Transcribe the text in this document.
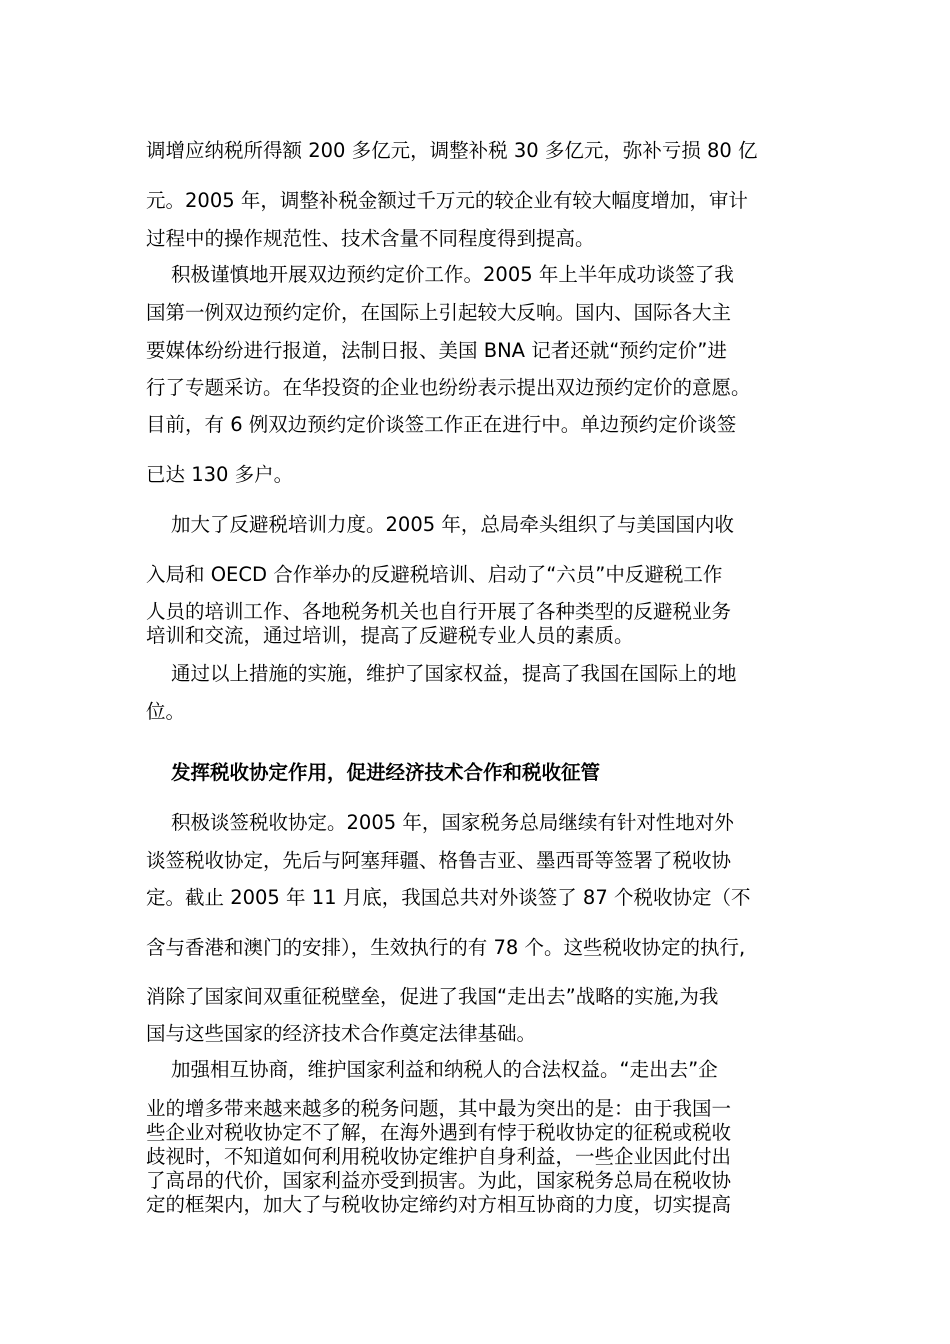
调增应纳税所得额 200 多亿元，调整补税 30 多亿元，弥补亏损 80 亿
元。2005 年，调整补税金额过千万元的较企业有较大幅度增加，审计
过程中的操作规范性、技术含量不同程度得到提高。
积极谨慎地开展双边预约定价工作。2005 年上半年成功谈签了我
国第一例双边预约定价，在国际上引起较大反响。国内、国际各大主
要媒体纷纷进行报道，法制日报、美国 BNA 记者还就“预约定价”进
行了专题采访。在华投资的企业也纷纷表示提出双边预约定价的意愿。
目前，有 6 例双边预约定价谈签工作正在进行中。单边预约定价谈签
已达 130 多户。
加大了反避税培训力度。2005 年，总局牵头组织了与美国国内收
入局和 OECD 合作举办的反避税培训、启动了“六员”中反避税工作
人员的培训工作、各地税务机关也自行开展了各种类型的反避税业务
培训和交流，通过培训，提高了反避税专业人员的素质。
通过以上措施的实施，维护了国家权益，提高了我国在国际上的地
位。
发挥税收协定作用，促进经济技术合作和税收征管
积极谈签税收协定。2005 年，国家税务总局继续有针对性地对外
谈签税收协定，先后与阿塞拜疆、格鲁吉亚、墨西哥等签署了税收协
定。截止 2005 年 11 月底，我国总共对外谈签了 87 个税收协定（不
含与香港和澳门的安排），生效执行的有 78 个。这些税收协定的执行,
消除了国家间双重征税壁垒，促进了我国“走出去”战略的实施,为我
国与这些国家的经济技术合作奠定法律基础。
加强相互协商，维护国家利益和纳税人的合法权益。“走出去”企
业的增多带来越来越多的税务问题，其中最为突出的是：由于我国一
些企业对税收协定不了解，在海外遇到有悖于税收协定的征税或税收
歧视时，不知道如何利用税收协定维护自身利益，一些企业因此付出
了高昂的代价，国家利益亦受到损害。为此，国家税务总局在税收协
定的框架内，加大了与税收协定缔约对方相互协商的力度，切实提高
